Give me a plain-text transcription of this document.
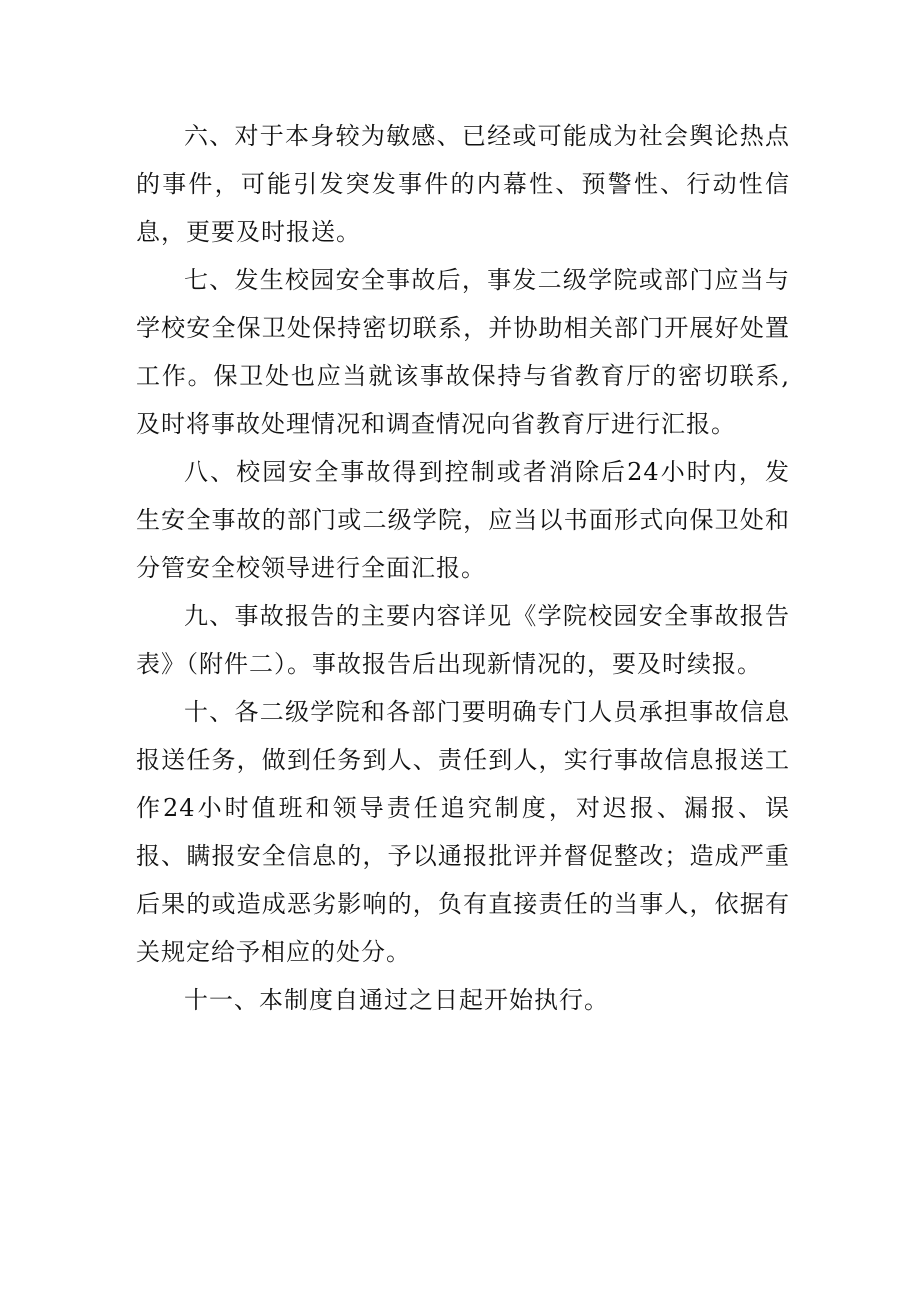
六、对于本身较为敏感、已经或可能成为社会舆论热点的事件，可能引发突发事件的内幕性、预警性、行动性信息，更要及时报送。

七、发生校园安全事故后，事发二级学院或部门应当与学校安全保卫处保持密切联系，并协助相关部门开展好处置工作。保卫处也应当就该事故保持与省教育厅的密切联系,及时将事故处理情况和调查情况向省教育厅进行汇报。

八、校园安全事故得到控制或者消除后24小时内，发生安全事故的部门或二级学院，应当以书面形式向保卫处和分管安全校领导进行全面汇报。

九、事故报告的主要内容详见《学院校园安全事故报告表》（附件二）。事故报告后出现新情况的，要及时续报。

十、各二级学院和各部门要明确专门人员承担事故信息报送任务，做到任务到人、责任到人，实行事故信息报送工作24小时值班和领导责任追究制度，对迟报、漏报、误报、瞒报安全信息的，予以通报批评并督促整改；造成严重后果的或造成恶劣影响的，负有直接责任的当事人，依据有关规定给予相应的处分。

十一、本制度自通过之日起开始执行。
